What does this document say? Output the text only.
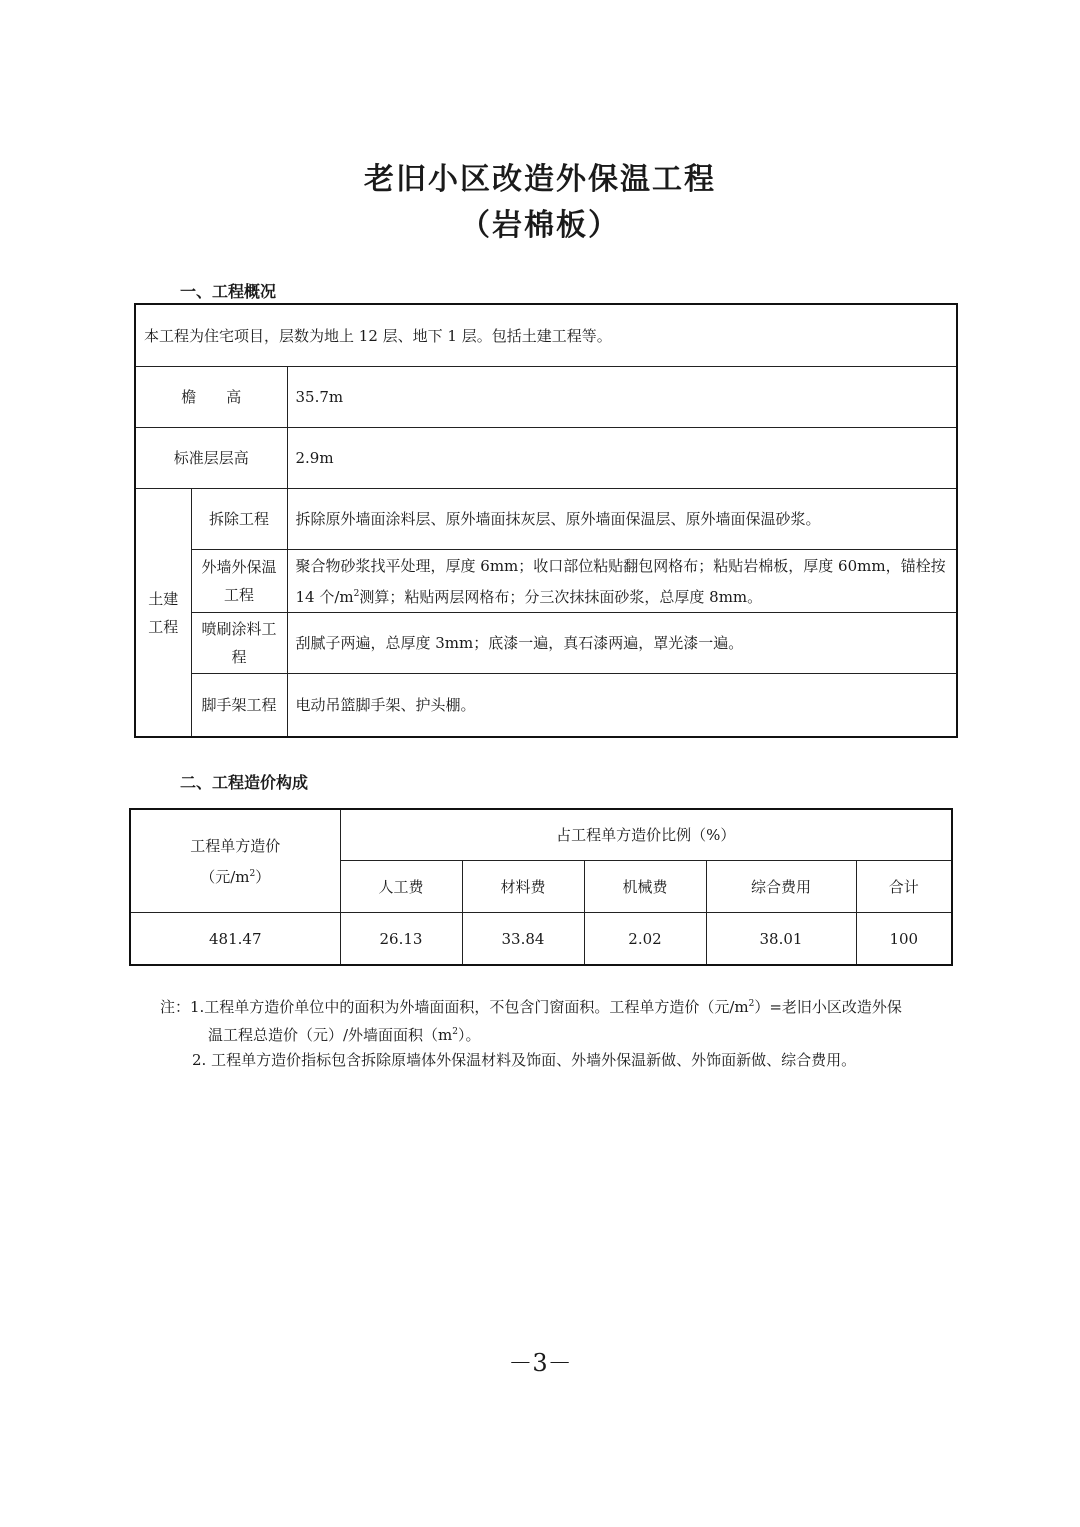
老旧小区改造外保温工程
（岩棉板）
一、工程概况
本工程为住宅项目，层数为地上 12 层、地下 1 层。包括土建工程等。		
檐　　高		35.7m
标准层层高		2.9m
土建
工程	拆除工程	拆除原外墙面涂料层、原外墙面抹灰层、原外墙面保温层、原外墙面保温砂浆。
	外墙外保温工程	聚合物砂浆找平处理，厚度 6mm；收口部位粘贴翻包网格布；粘贴岩棉板，厚度 60mm，锚栓按 14 个$/m^2$测算；粘贴两层网格布；分三次抹抹面砂浆，总厚度 8mm。
	喷刷涂料工程	刮腻子两遍，总厚度 3mm；底漆一遍，真石漆两遍，罩光漆一遍。
	脚手架工程	电动吊篮脚手架、护头棚。
二、工程造价构成
工程单方造价
（元$/m^2$）	占工程单方造价比例（%）				
	人工费	材料费	机械费	综合费用	合计
481.47	26.13	33.84	2.02	38.01	100

注：1.工程单方造价单位中的面积为外墙面面积，不包含门窗面积。工程单方造价（元$/m^2)=$老旧小区改造外保

温工程总造价（元）/外墙面面积$(m^2)$。

2. 工程单方造价指标包含拆除原墙体外保温材料及饰面、外墙外保温新做、外饰面新做、综合费用。

－3－
